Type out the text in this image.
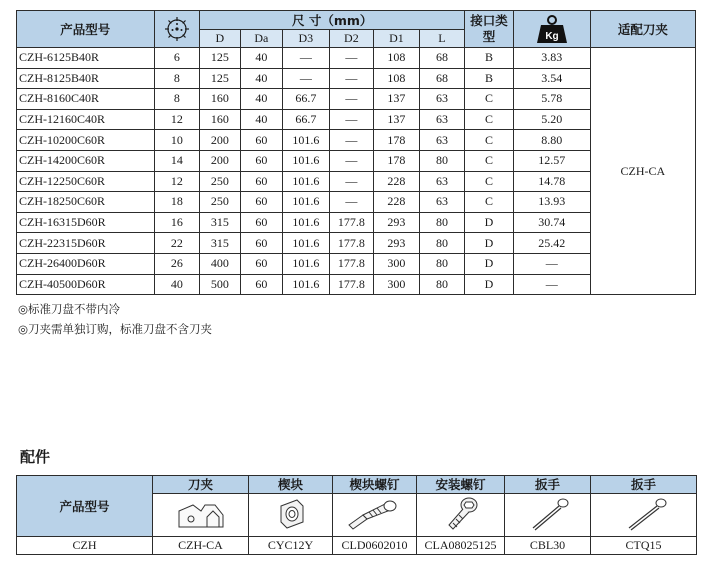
产品型号		尺 寸（mm）						接口类型	Kg	适配刀夹
		D	Da	D3	D2	D1	L			
CZH-6125B40R	6	125	40	—	—	108	68	B	3.83	CZH-CA
CZH-8125B40R	8	125	40	—	—	108	68	B	3.54	
CZH-8160C40R	8	160	40	66.7	—	137	63	C	5.78	
CZH-12160C40R	12	160	40	66.7	—	137	63	C	5.20	
CZH-10200C60R	10	200	60	101.6	—	178	63	C	8.80	
CZH-14200C60R	14	200	60	101.6	—	178	80	C	12.57	
CZH-12250C60R	12	250	60	101.6	—	228	63	C	14.78	
CZH-18250C60R	18	250	60	101.6	—	228	63	C	13.93	
CZH-16315D60R	16	315	60	101.6	177.8	293	80	D	30.74	
CZH-22315D60R	22	315	60	101.6	177.8	293	80	D	25.42	
CZH-26400D60R	26	400	60	101.6	177.8	300	80	D	—	
CZH-40500D60R	40	500	60	101.6	177.8	300	80	D	—	
◎标准刀盘不带内冷
◎刀夹需单独订购，标准刀盘不含刀夹
配件
产品型号	刀夹	楔块	楔块螺钉	安装螺钉	扳手	扳手

CZH	CZH-CA	CYC12Y	CLD0602010	CLA08025125	CBL30	CTQ15
